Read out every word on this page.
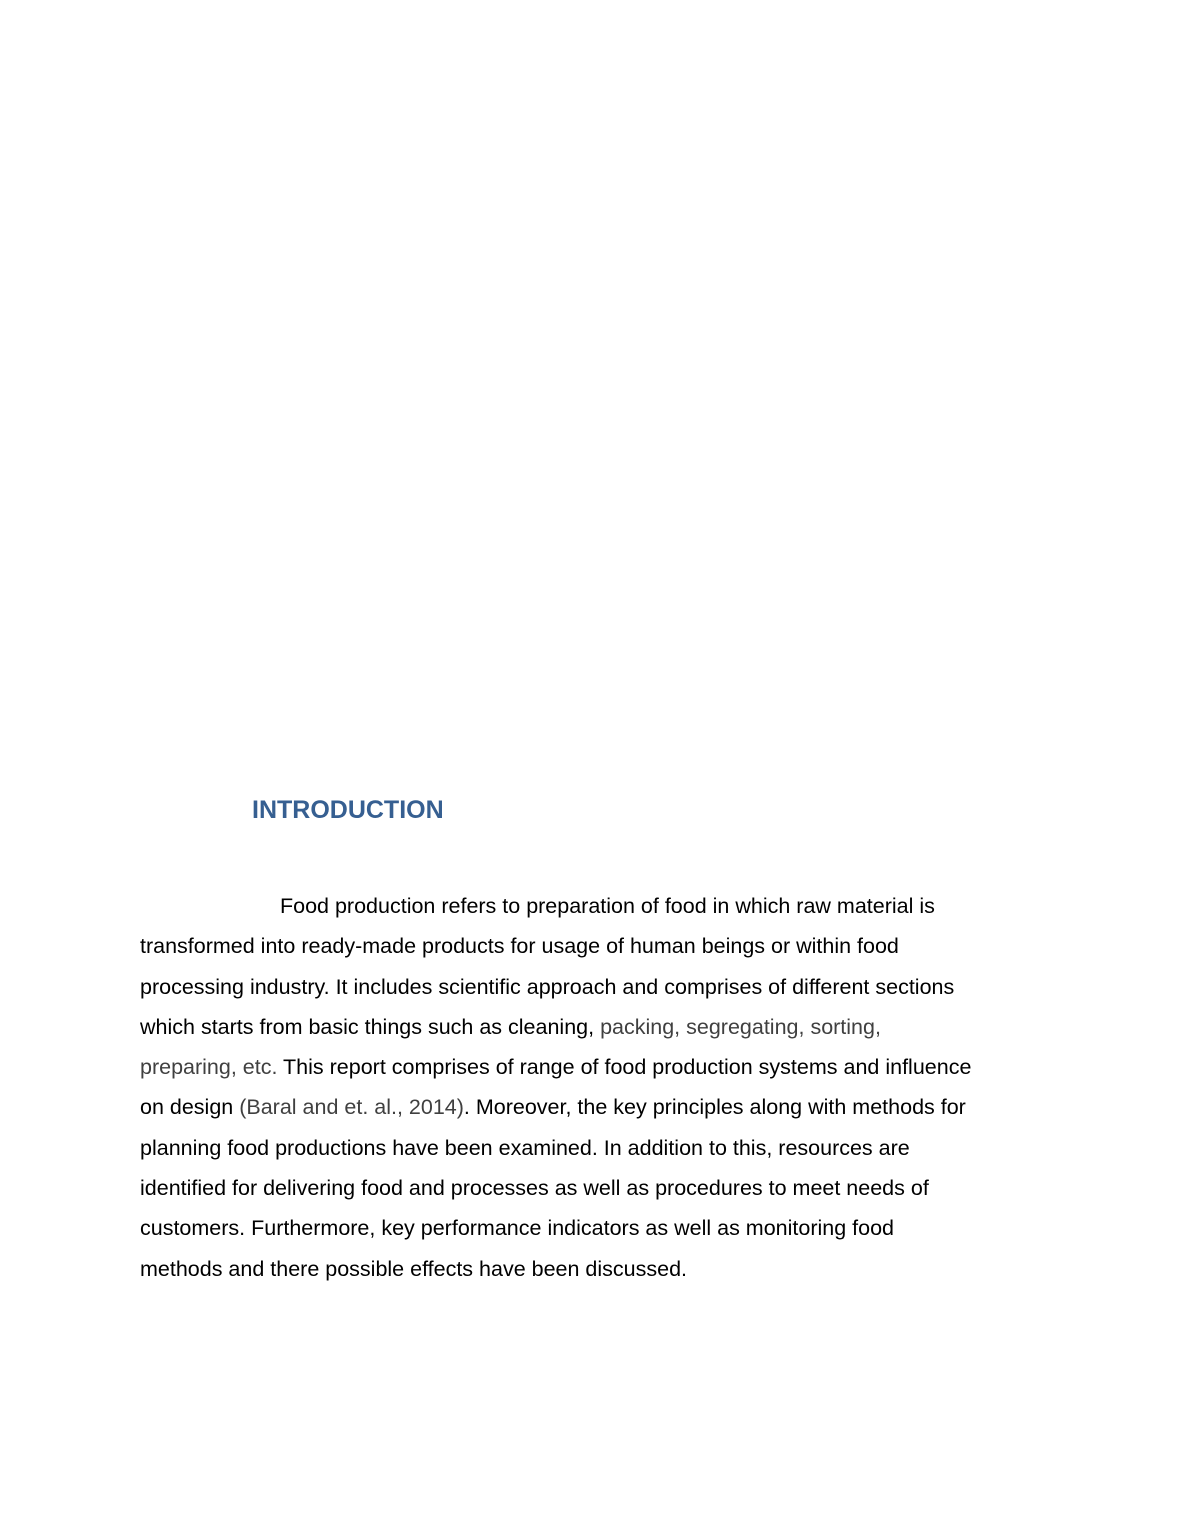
INTRODUCTION
Food production refers to preparation of food in which raw material is
transformed into ready-made products for usage of human beings or within food
processing industry. It includes scientific approach and comprises of different sections
which starts from basic things such as cleaning, packing, segregating, sorting,
preparing, etc. This report comprises of range of food production systems and influence
on design (Baral and et. al., 2014). Moreover, the key principles along with methods for
planning food productions have been examined. In addition to this, resources are
identified for delivering food and processes as well as procedures to meet needs of
customers. Furthermore, key performance indicators as well as monitoring food
methods and there possible effects have been discussed.
